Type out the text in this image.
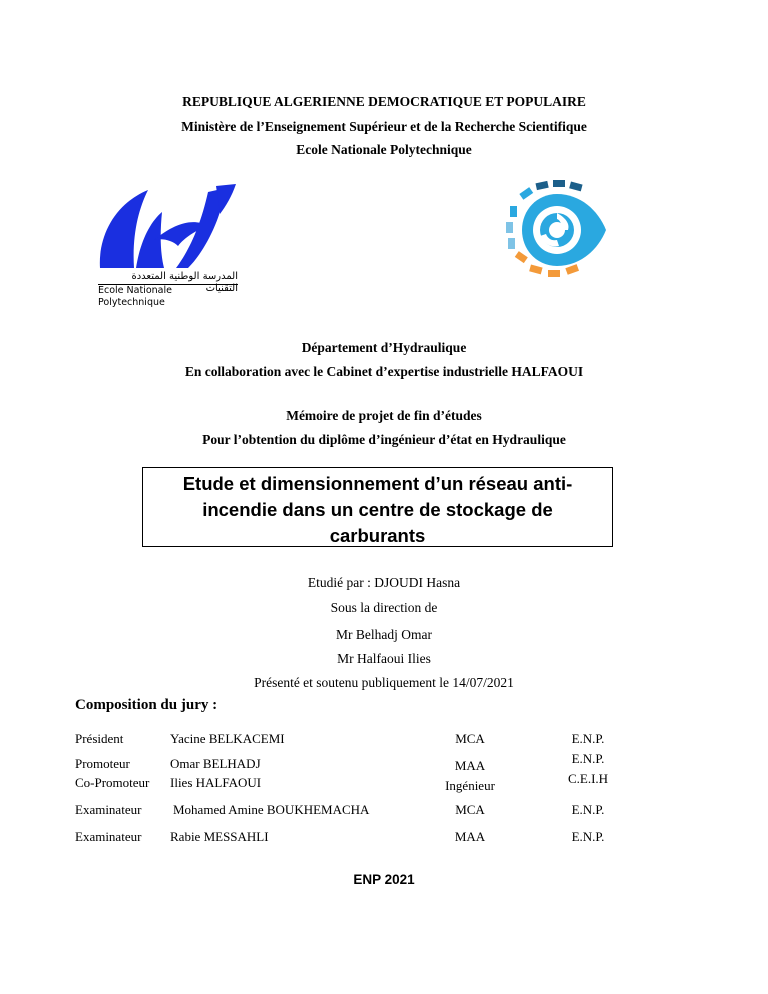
REPUBLIQUE ALGERIENNE DEMOCRATIQUE ET POPULAIRE
Ministère de l’Enseignement Supérieur et de la Recherche Scientifique
Ecole Nationale Polytechnique
المدرسة الوطنية المتعددة التقنيات
Ecole Nationale Polytechnique
Département d’Hydraulique
En collaboration avec le Cabinet d’expertise industrielle HALFAOUI
Mémoire de projet de fin d’études
Pour l’obtention du diplôme d’ingénieur d’état en Hydraulique
Etude et dimensionnement d’un réseau anti-
incendie dans un centre de stockage de
carburants
Etudié par : DJOUDI Hasna
Sous la direction de
Mr Belhadj Omar
Mr Halfaoui Ilies
Présenté et soutenu publiquement le 14/07/2021
Composition du jury :
Président	Yacine BELKACEMI	MCA	E.N.P.
Promoteur	Omar BELHADJ	MAA	E.N.P.
Co-Promoteur Ilies HALFAOUI	Ingénieur	C.E.I.H
Examinateur Mohamed Amine BOUKHEMACHA	MCA	E.N.P.
Examinateur Rabie MESSAHLI	MAA	E.N.P.
ENP 2021
